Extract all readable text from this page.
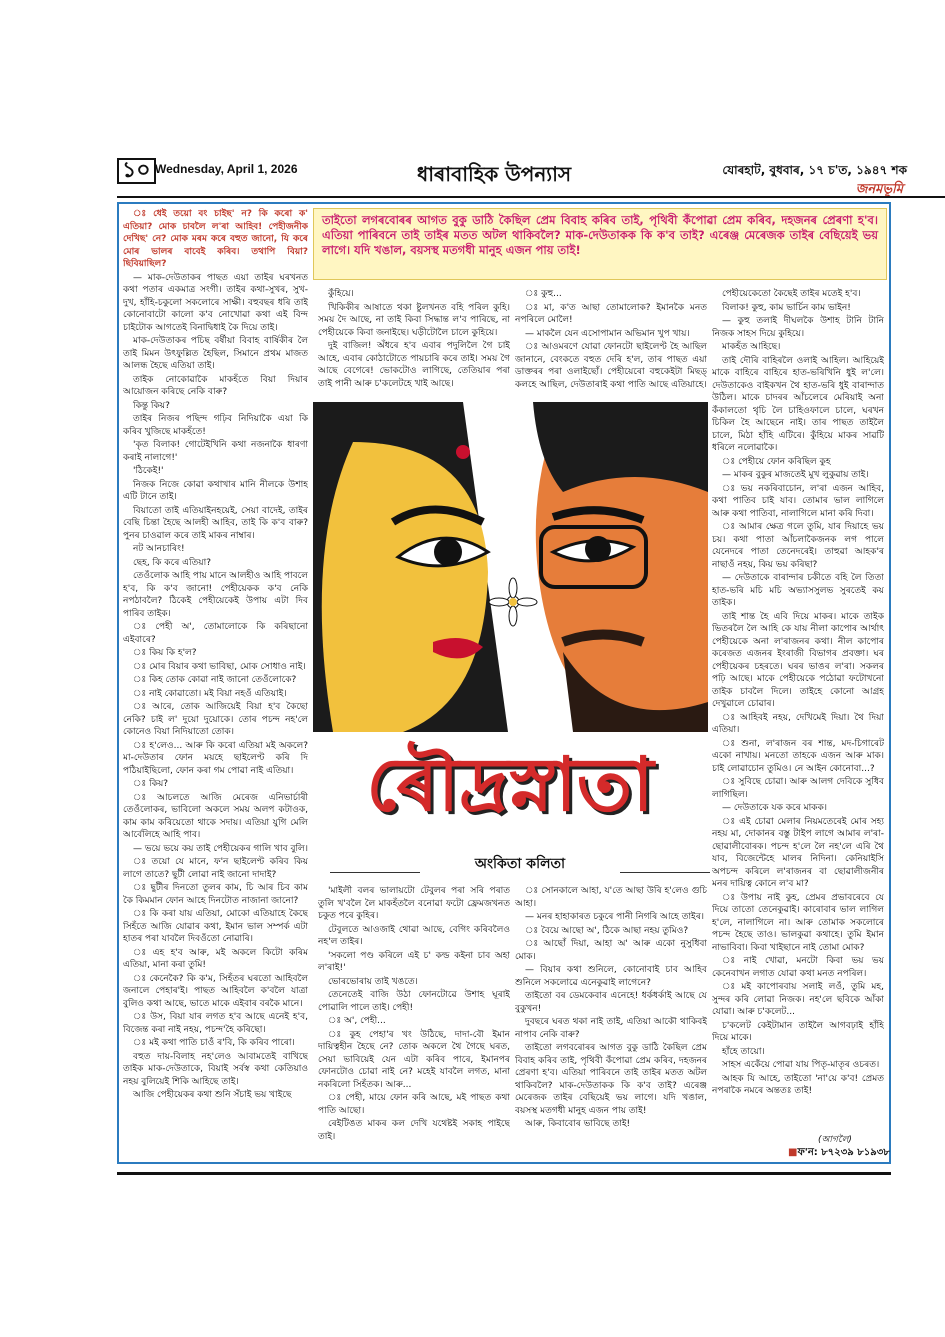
১০ Wednesday, April 1, 2026	ধাৰাবাহিক উপন্যাস	যোৰহাট, বুধবাৰ, ১৭ চ'ত, ১৯৪৭ শক
জনমভূমি
তাইতো লগৰবোৰৰ আগত বুকু ডাঠি কৈছিল প্ৰেম বিবাহ কৰিব তাই, পৃথিবী কঁপোৱা প্ৰেম কৰিব, দহজনৰ প্ৰেৰণা হ'ব। এতিয়া পাৰিবনে তাই তাইৰ মতত অটল থাকিবলৈ? মাক-দেউতাকক কি ক'ব তাই? এৰেঞ্জ মেৰেজক তাইৰ বেছিয়েই ভয় লাগে। যদি খঙাল, বয়সস্থ মতগধী মানুহ এজন পায় তাই!

ঃ ধেই তয়ো বং চাইছ' ন? কি কৰো ক' এতিয়া? মোক চাবলৈ ল'ৰা আহিব! পেহীজনীক দেখিছ' নে? মোক মৰম কৰে বহুত জানো, যি কৰে মোৰ ভালৰ বাবেই কৰিব। তথাপি বিয়া? ছিবিয়াছিল?

— মাক-দেউতাকৰ পাছত এয়া তাইৰ ঘৰখনত কথা পতাৰ একমাত্ৰ সংগী। তাইৰ কথা-সুখৰ, সুখ-দুখ, হাঁহি-চকুলো সকলোৰে সাক্ষী। বহুবছৰ ধৰি তাই কোনোবাটো কালো ক'ব নোখোৱা কথা এই বিন্দ চাইটোক আগতেই বিনাদ্বিধাই কৈ দিয়ে তাই।

মাক-দেউতাকৰ পচিছ বৰ্ষীয়া বিবাহ বাৰ্ষিকীৰ লৈ তাই মিমন উৎফুল্লিত হৈছিল, সিমানে প্ৰথম মাজত আলন্ধ হৈছে এতিয়া তাই।

তাইক নোকোৱাকৈ মাকহঁতে বিয়া দিয়াৰ আয়োজন কৰিছে নেকি বাৰু?

কিন্তু কিয়?

তাইৰ নিজৰ পছিন্দ গঢ়িব নিদিয়াকৈ এয়া কি কৰিব খুজিছে মাকহঁতে!

'কৃত বিলাক! গোটেইখিনি কথা নজনাকৈ ধাৰণা কৰাই নালাগে!'

'ঠিকেই!'

নিজক নিজে কোৱা কথাখাৰ মানি নীলকে উশাহ এটি টানে তাই।

বিয়াতো তাই এতিয়াইনহয়েই, সেয়া বাদেই, তাইৰ বেছি চিন্তা হৈছে আলহী আহিব, তাই কি ক'ব বাৰু? পুনৰ চাওৱাল কৰে তাই মাকৰ নাম্বাৰ।

নট আনচাৰিং!

ছেহ, কি কৰে এতিয়া?

তেওঁলোক আহি পায় মানে আলহীও আহি পাবলে হ'ব, কি ক'ব জানো! পেহীয়েকক ক'ব নেকি নপঠাবলৈ? ঠিকেই পেহীয়েকেই উপায় এটা দিব পাৰিব তাইক।

ঃ পেহী অ', তোমালোকে কি কৰিছানো এইবাৰে?

ঃ কিয় কি হ'ল?

ঃ মোৰ বিয়াৰ কথা ভাবিছা, মোক সোধাও নাই।

ঃ কিহ তোক কোৱা নাই জানো তেওঁলোকে?

ঃ নাই কোৱাতো। মই বিয়া নহওঁ এতিয়াই।

ঃ আৰে, তোক আজিয়েই বিয়া হ'ব কৈছো নেকি? চাই ল' দুয়ো দুয়োকে। তোৰ পচন্দ নহ'লে কোনেও বিয়া নিদিয়াতো তোক।

ঃ হ'লেও... আৰু কি কৰো এতিয়া মই অকলে? মা-দেউতাৰ ফোন ময়হে ছাইলেণ্ট কৰি দি পঠিয়াইছিলো, ফোন কৰা গম পোৱা নাই এতিয়া।

ঃ কিয়?

ঃ আচলতে আজি মেৰেজ এনিভাৰ্চাৰী তেওঁলোকৰ, ভাবিলো অকলে সময় অলপ কটাওক, কাম কাম কৰিয়েতো থাকে সদায়। এতিয়া যুগি মেলি আৰ্বেলিহে আহি পাব।

— ভয়ে ভয়ে কয় তাই পেহীয়েকৰ গালি খাব বুলি।

ঃ তয়ো যে মানে, ফ'ন ছাইলেণ্ট কৰিব কিয় লাগে তাতে? ছুটী লোৱা নাই জানো দাদাই?

ঃ ছুটীৰ দিনতো তুলৰ কাম, চি আৰ চিব কাম কৈ কিমমান ফোন আহে দিনটোত নাজানা জানো?

ঃ কি কৰা যায় এতিয়া, মোকো এতিয়াহে কৈছে সিহঁতে আজি যোৱাৰ কথা, ইমান ভাল সম্পৰ্ক এটা হাতৰ পৰা যাবলৈ দিবওঁতো নোৱাৰি।

ঃ এহ হ'ব আৰু, মই অকলে কিটো কৰিম এতিয়া, মানা কৰা তুমি!

ঃ কেনেকৈ? কি ক'ম, সিহঁতৰ ঘৰতো আহিবলৈ জনালে পেহাৰ'ই। পাছত আহিবলৈ ক'বলৈ যাত্ৰা বুলিও কথা আছে, ভাতে মাকে এইবাৰ বৰকৈ মানে।

ঃ উস, বিয়া যাৰ লগত হ'ব আছে এনেই হ'ব, বিজেন্ত কৰা নাই নহয়, পচন্দ'হৈ কৰিছো।

ঃ মই কথা পাতি চাওঁ ৰ'বি, কি কৰিব পাৰো।

বহুত দায়-বিলাহ নহ'লেও আবামতেই বাখিছে তাইক মাক-দেউতাকে, বিয়াই সৰ্বস্ব কথা কেতিয়াও নহয় বুলিয়েই শিকি আহিছে তাই।

আজি পেহীয়েকৰ কথা শুনি সঁচাই ভয় খাইছে

কুঁহিয়ে।

খিকিকীৰ আষাতে থকা ষ্টুলখনত বহি পৰিল কুহি। সময় দৈ আছে, না তাই কিবা সিদ্ধান্ত ল'ব পাৰিছে, না পেহীয়েকে কিবা জনাইছে। ঘড়ীটোলৈ চালে কুহিয়ে।

দুই বাজিল! অঁধৰে হ'ব এবাৰ পদুলিলৈ গৈ চাই আহে, এবাৰ কোঠাটোতে পায়চাৰি কৰে তাই। সময় গৈ আছে বেগেৰে! ভোকটোও লাগিছে, তেতিয়াৰ পৰা তাই পানী আৰু চ'কলেটহে খাই আছে।

ঃ কুহু...

ঃ মা, ক'ত আছা তোমালোক? ইমানকৈ মনত নপৰিলে মোলৈ!

— মাকলৈ যেন এসোপামান অভিমান খুপ খায়।

ঃ আওমৰণে যোৱা ফোনটো ছাইলেণ্ট হৈ আছিল জানানে, বেংকতে বহুত দেৰি হ'ল, তাৰ পাছত এয়া ডাক্তৰৰ পৰা ওলাইছোঁ। পেহীয়েৰো বহুকেইটা মিছড্ কলহে আছিল, দেউতাৰাই কথা পাতি আছে এতিয়াহে।

পেহীয়েকেতো কৈছেই তাইৰ মতেই হ'ব।

বিলাক! কুহু, কাম ভাৰ্চিন কাম ভাইন!

— কুহু তলাই দীঘলকৈ উশাহ টানি টানি নিজক সাহস দিয়ে কুহিয়ে।

মাকহঁত আহিছে।

তাই দৌৰি বাহিৰলৈ ওলাই আহিল। আহিয়েই মাকে বাহিৰে বাহিৰে হাত-ভৰিখিনি ধুই ল'লে। দেউতাকেও বাইকখন থৈ হাত-ভৰি ধুই বাৰান্দাত উঠিল। মাকে চাদৰৰ আঁচলেৰে মেৰিয়াই অনা কঁকালতো থৃচি লৈ চাহিওফালে চালে, ঘৰখন চিকিল হৈ আছেনে নাই। তাৰ পাছত তাইলৈ চালে, মিঠা হাঁহি এটিৰে। কুঁহিয়ে মাকৰ সাৱটি ধৰিলে নলোৱাকৈ।

ঃ পেহীয়ে ফোন কৰিছিল কুহ

— মাকৰ বুকুৰ মাজতেই মুখ লুকুৱায় তাই।

ঃ ভয় নকৰিবাচোন, ল'ৰা এজন আহিব, কথা পাতিব চাই যাব। তোমাৰ ভাল লাগিলে আৰু কথা পাতিবা, নালাগিলে মানা কৰি দিবা।

ঃ আমাৰ ক্ষেত্ৰ গলে তুমি, যাৰ দিয়াহে ভয় চয়। কথা পাতা আঁচলাকৈজনক লগ পালে যেনেদৰে পাতা তেনেদৰেই। তাহুৱা আহক'ৰ নাছাওঁ নহয়, কিয় ভয় কৰিছা?

— দেউতাকে বাৰান্দাৰ চকীতে বহি লৈ তিতা হাত-ভৰি মচি মচি অভ্যাসসুলভ সুৰতেই কয় তাইক।

তাই শান্ত হৈ এবি দিয়ে মাকৰ। মাকে তাইক ভিতৰলৈ লৈ আহি কে যায় নীলা কাপোৰ আৰ্থাৎ পেহীয়েকে অনা ল'ৰাজনৰ কথা। নীল কাপোৰ কৰেজত এজনৰ ইংৰাজী বিভাগৰ প্ৰবক্তা। ঘৰ পেহীয়েকৰ চহৰতে। ঘৰৰ ভাঙৰ ল'ৰা। সকলৰ পঢ়ি আছে। মাকে পেহীয়েকে পঠোৱা ফটোখনো তাইক চাবলৈ দিলে। তাইহে কোনো আগ্ৰহ দেখুৱালে চোৱাৰ।

ঃ আহিবই নহয়, দেখিমেই দিয়া। থৈ দিয়া এতিয়া।

ঃ শুনা, ল'ৰাজন বৰ শান্ত, মদ-চিগাৰেট একো নাখায়। মনতো তাহকে এজন আৰু মাক। চাই লোৱাচোন তুমিও। নে আইন কোনোবা...?

ঃ সুবিছে চোৱা। আৰু আলগ দেবিকে সুধিব লাগিছিল।

— দেউতাকে যক কৰে মাকক।

ঃ এই চোৱা মেলাৰ নিয়মতেৰেই মোৰ সহ্য নহয় মা, দোকানৰ বস্তু টাইপ লাগে আমাৰ ল'ৰা-ছোৱালীবোৰক। পচন্দ হ'লে লৈ নহ'লে এৰি থৈ যাব, বিজেন্টেহে মালৰ নিদিনা। কেনিয়াইসি অপচন্দ কৰিলে ল'ৰাজনৰ বা ছোৱালীজনীৰ মনৰ দায়িত্ব কোনে ল'ব মা?

ঃ উপায় নাই কুহ, প্ৰেমৰ প্ৰভাবৰেবে যে দিয়ে তাতো তেনেকুৱাই। কাৰোবাৰ ভাল লাগিল হ'লে, নালাগিলে না। আৰু তোমাক সকলোৰে পচন্দ হৈছে তাও। ভালকুৱা কথাহে। তুমি ইমান নাভাবিবা। কিবা খাইছানে নাই তোমা মোক?

ঃ নাই খোৱা, মনটো কিবা ভয় ভয় কেনেবাখন লগাত যোৱা কথা মনত নপৰিল।

ঃ মই কাপোৰবায় সলাই লওঁ, তুমি মহ, সুন্দৰ কৰি লোৱা নিজক। নহ'লে ছবিকে আঁকা যোৱা। আৰু চ'কলেট...

চ'কলেট কেইটামান তাইলৈ আগবঢ়াই হাঁহি দিয়ে মাকে।

হাঁহে তায়ো।

সাহস একেঁয়ে পোৱা যায় পিতৃ-মাতৃৰ ওচৰত।

আহক যি আহে, তাইতো 'না'য়ে ক'ব! প্ৰেমত নপৰাকৈ নমৰে অন্ততঃ তাই!

'মাইলী বলৰ ভালায়টো টেবুলৰ পৰা সৰি পৰাত তুলি খ'বলৈ লৈ মাকহঁতলৈ বনোৱা ফটো ফ্ৰেমজখনত চকুত পৰে কুহিৰ।

টেবুলতে আওজাই থোৱা আছে, বেগিং কৰিবলৈও নহ'ল তাইৰ।

'সকলো পণ্ড কৰিলে এই চ' কল্ড কইনা চাব অহা ল'ৰাই!'

ভোৰভোৰায় তাই খঙতে।

তেনেতেই বাজি উঠা ফোনটোৱে উশাহ ঘূৰাই পোৱালি পালে তাই। পেহী!

ঃ অ', পেহী...

ঃ কুহ পেহা'ৰ খং উঠিছে, দাদা-বৌ ইমান দায়িত্বহীন হৈছে নে? তোক অকলে থৈ গৈছে ঘৰত, সেয়া ভাবিয়েই যেন এটা কৰিব পাৰে, ইমানপৰ ফোনটোও চোৱা নাই নে? মহেই যাবলৈ লগত, মানা নকৰিলো সিহঁতক। আৰু...

ঃ পেহী, মায়ে ফোন কৰি আছে, মই পাছত কথা পাতি আছো।

ৰেইটিঙত মাকৰ কল দেখি যথেষ্টই সকাহ পাইছে তাই।

ঃ সোনকালে আহা, য'তে আছা উৰি হ'লেও গুচি আহা।

— মনৰ হাহাকাৰত চকুৰে পানী নিগৰি আহে তাইৰ।

ঃ বৈয়ে আছো অ', ঠিকে আছা নহয় তুমিও?

ঃ আছোঁ দিয়া, আহা অ' আৰু একো নুসুধিবা মোক।

— বিয়াৰ কথা শুনিলে, কোনোবাই চাব আহিব শুনিলে সকলোৱে এনেকুৱাই লাগেনে?

তাইতো বৰ ডেমকেবাৰ এনেহে! ধৰ্কধৰ্কাই আছে যে বুকুখন!

দুবছৰে ঘৰত থকা নাই তাই, এতিয়া আকৌ থাকিবই নাপাব নেকি বাৰু?

তাইতো লগবৰোৰৰ আগত বুকু ডাঠি কৈছিল প্ৰেম বিবাহ কৰিব তাই, পৃথিবী কঁপোৱা প্ৰেম কৰিব, দহজনৰ প্ৰেৰণা হ'ব। এতিয়া পাৰিবনে তাই তাইৰ মতত অটল থাকিবলৈ? মাক-দেউতাকক কি ক'ব তাই? এৰেঞ্জ মেৰেজক তাইৰ বেছিয়েই ভয় লাগে। যদি খঙাল, বয়সস্থ মতগধী মানুহ এজন পায় তাই!

আৰু, কিবাবোৰ ভাবিছে তাই!

ৰৌদ্ৰস্নাতা
অংকিতা কলিতা
(আগলৈ)
■ফ'ন: ৮৭২৩৯ ৮১৯৩৮
